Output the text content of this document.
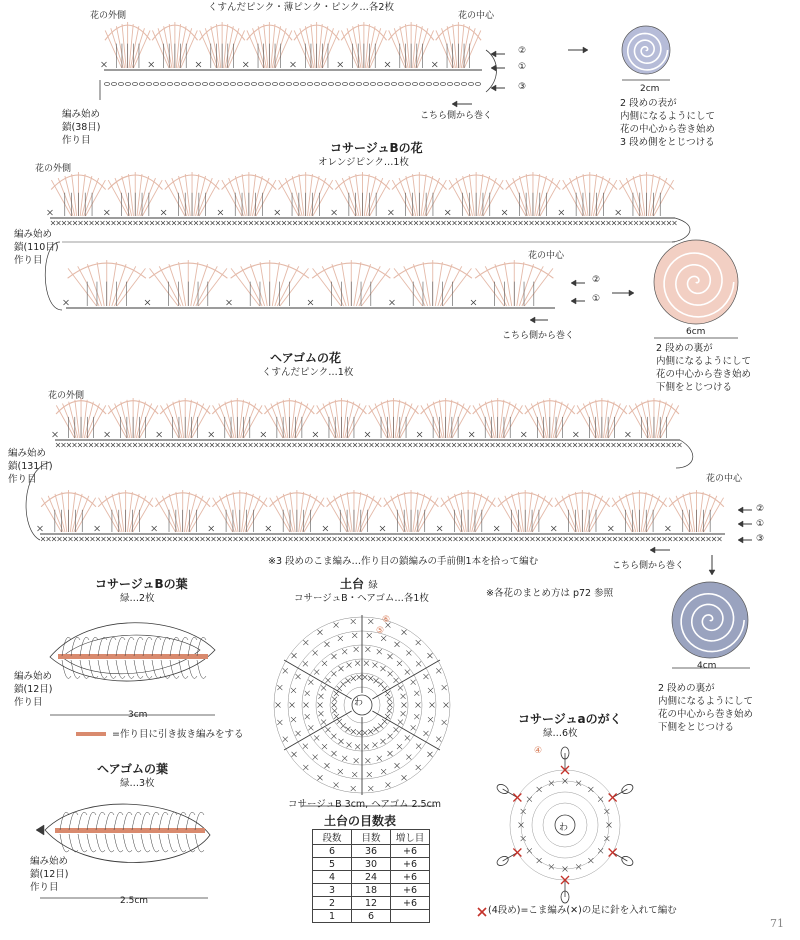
くすんだピンク・薄ピンク・ピンク…各2枚
花の外側	花の中心
②
①
③
編み始め
鎖(38目)
作り目
こちら側から巻く
2cm
2 段めの表が
内側になるようにして
花の中心から巻き始め
3 段め側をとじつける
コサージュBの花
オレンジピンク…1枚
花の外側
編み始め
鎖(110目)
作り目	花の中心
②
①
こちら側から巻く	6cm
2 段めの裏が
内側になるようにして
花の中心から巻き始め
下側をとじつける
ヘアゴムの花
くすんだピンク…1枚
花の外側
編み始め
鎖(131目)
作り目	花の中心
②
①
③
※3 段めのこま編み…作り目の鎖編みの手前側1本を拾って編む	こちら側から巻く
4cm
2 段めの裏が
内側になるようにして
花の中心から巻き始め
下側をとじつける
※各花のまとめ方は p72 参照
コサージュBの葉
緑…2枚
編み始め
鎖(12目)
作り目
3cm
=作り目に引き抜き編みをする
ヘアゴムの葉
緑…3枚
編み始め
鎖(12目)
作り目
2.5cm
土台 緑
コサージュB・ヘアゴム…各1枚
コサージュB 3cm, ヘアゴム 2.5cm
⑥
⑤
わ
土台の目数表
段数	目数	増し目
6	36	+6
5	30	+6
4	24	+6
3	18	+6
2	12	+6
1	6	
コサージュaのがく
緑…6枚
④
わ
(4段め)=こま編み(✕)の足に針を入れて編む
71
